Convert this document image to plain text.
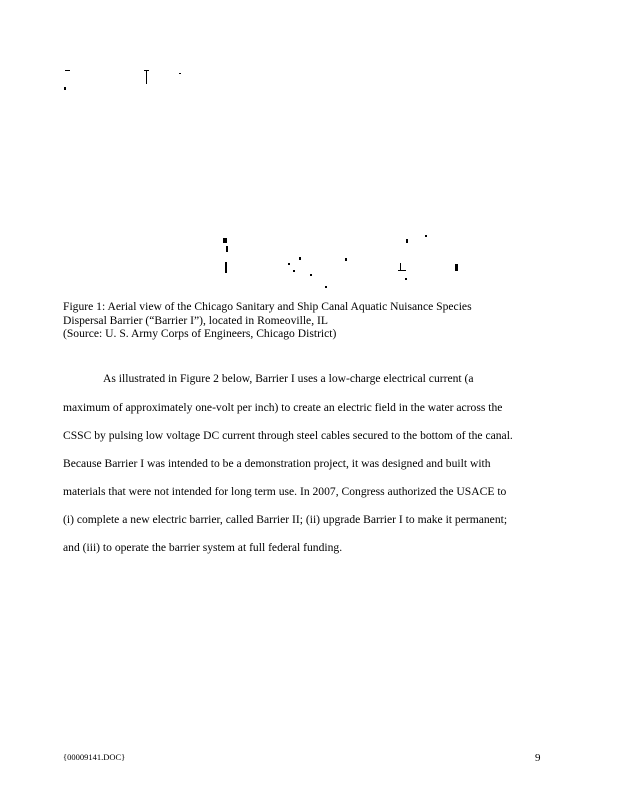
Figure 1: Aerial view of the Chicago Sanitary and Ship Canal Aquatic Nuisance Species
Dispersal Barrier (“Barrier I”), located in Romeoville, IL
(Source: U. S. Army Corps of Engineers, Chicago District)
As illustrated in Figure 2 below, Barrier I uses a low-charge electrical current (a
maximum of approximately one-volt per inch) to create an electric field in the water across the
CSSC by pulsing low voltage DC current through steel cables secured to the bottom of the canal.
Because Barrier I was intended to be a demonstration project, it was designed and built with
materials that were not intended for long term use. In 2007, Congress authorized the USACE to
(i) complete a new electric barrier, called Barrier II; (ii) upgrade Barrier I to make it permanent;
and (iii) to operate the barrier system at full federal funding.
{00009141.DOC}	9
